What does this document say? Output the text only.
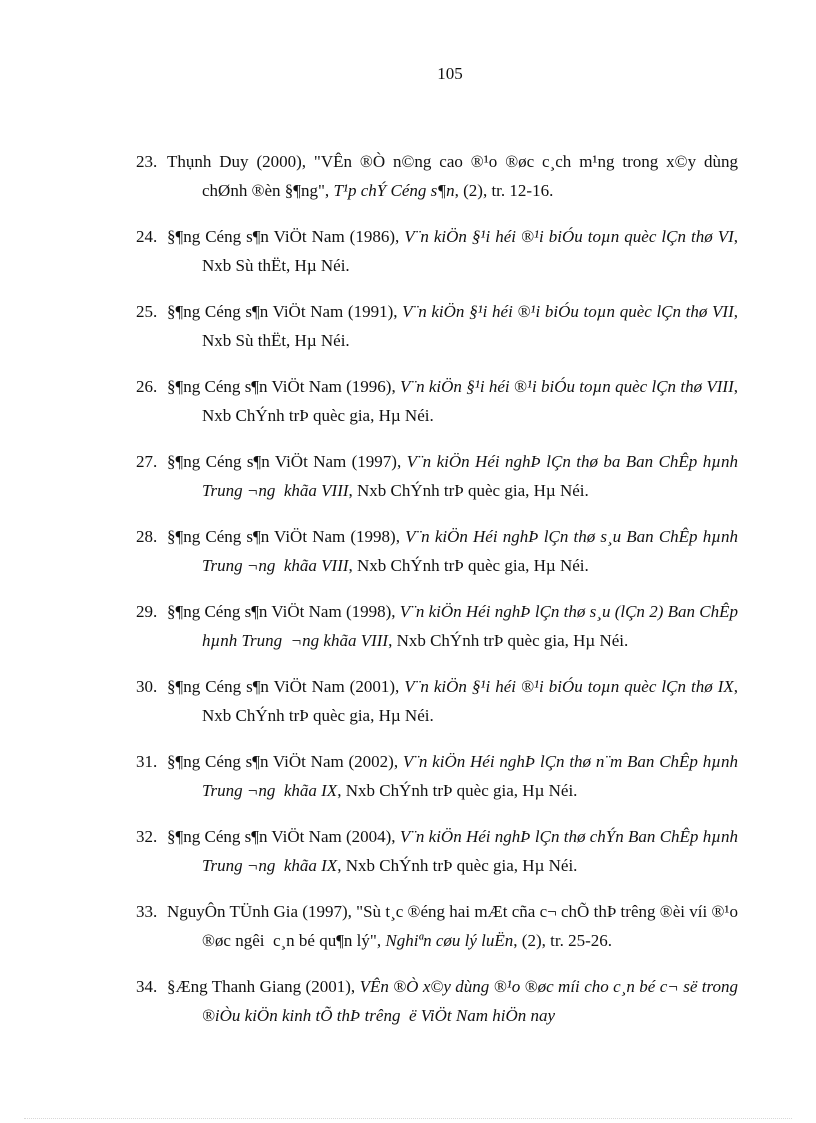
105

23. Thụnh Duy (2000), "VÊn ®Ò n©ng cao ®¹o ®øc c¸ch m¹ng trong x©y dùng chØnh ®èn §¶ng", T¹p chÝ Céng s¶n, (2), tr. 12-16.

24. §¶ng Céng s¶n ViÖt Nam (1986), V¨n kiÖn §¹i héi ®¹i biÓu toµn quèc lÇn thø VI, Nxb Sù thËt, Hµ Néi.

25. §¶ng Céng s¶n ViÖt Nam (1991), V¨n kiÖn §¹i héi ®¹i biÓu toµn quèc lÇn thø VII, Nxb Sù thËt, Hµ Néi.

26. §¶ng Céng s¶n ViÖt Nam (1996), V¨n kiÖn §¹i héi ®¹i biÓu toµn quèc lÇn thø VIII, Nxb ChÝnh trÞ quèc gia, Hµ Néi.

27. §¶ng Céng s¶n ViÖt Nam (1997), V¨n kiÖn Héi nghÞ lÇn thø ba Ban ChÊp hµnh Trung ¬ng  khãa VIII, Nxb ChÝnh trÞ quèc gia, Hµ Néi.

28. §¶ng Céng s¶n ViÖt Nam (1998), V¨n kiÖn Héi nghÞ lÇn thø s¸u Ban ChÊp hµnh Trung ¬ng  khãa VIII, Nxb ChÝnh trÞ quèc gia, Hµ Néi.

29. §¶ng Céng s¶n ViÖt Nam (1998), V¨n kiÖn Héi nghÞ lÇn thø s¸u (lÇn 2) Ban ChÊp hµnh Trung  ¬ng khãa VIII, Nxb ChÝnh trÞ quèc gia, Hµ Néi.

30. §¶ng Céng s¶n ViÖt Nam (2001), V¨n kiÖn §¹i héi ®¹i biÓu toµn quèc lÇn thø IX, Nxb ChÝnh trÞ quèc gia, Hµ Néi.

31. §¶ng Céng s¶n ViÖt Nam (2002), V¨n kiÖn Héi nghÞ lÇn thø n¨m Ban ChÊp hµnh Trung ¬ng  khãa IX, Nxb ChÝnh trÞ quèc gia, Hµ Néi.

32. §¶ng Céng s¶n ViÖt Nam (2004), V¨n kiÖn Héi nghÞ lÇn thø chÝn Ban ChÊp hµnh Trung ¬ng  khãa IX, Nxb ChÝnh trÞ quèc gia, Hµ Néi.

33. NguyÔn TÜnh Gia (1997), "Sù t¸c ®éng hai mÆt cña c¬ chÕ thÞ trêng ®èi víi ®¹o ®øc ngêi  c¸n bé qu¶n lý", Nghiªn cøu lý luËn, (2), tr. 25-26.

34. §Æng Thanh Giang (2001), VÊn ®Ò x©y dùng ®¹o ®øc míi cho c¸n bé c¬ së trong ®iÒu kiÖn kinh tÕ thÞ trêng  ë ViÖt Nam hiÖn nay
